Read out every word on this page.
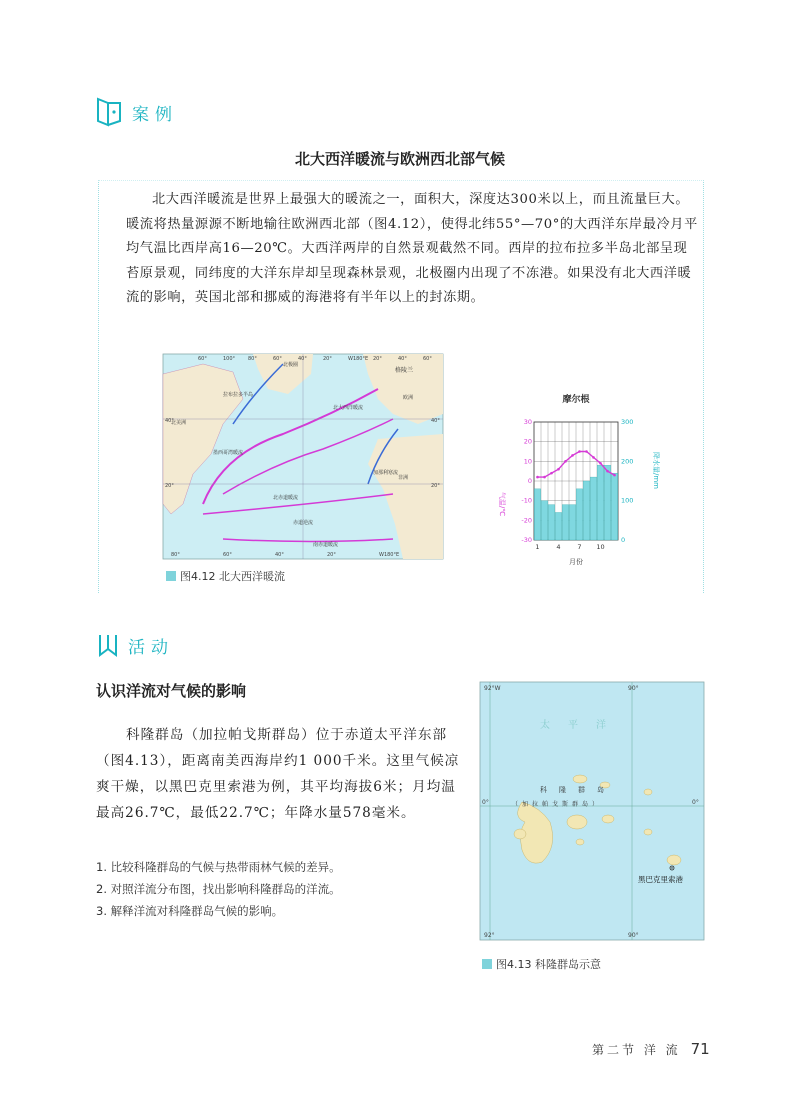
案例
北大西洋暖流与欧洲西北部气候
北大西洋暖流是世界上最强大的暖流之一，面积大，深度达300米以上，而且流量巨大。暖流将热量源源不断地输往欧洲西北部（图4.12），使得北纬55°—70°的大西洋东岸最冷月平均气温比西岸高16—20℃。大西洋两岸的自然景观截然不同。西岸的拉布拉多半岛北部呈现苔原景观，同纬度的大洋东岸却呈现森林景观，北极圈内出现了不冻港。如果没有北大西洋暖流的影响，英国北部和挪威的海港将有半年以上的封冻期。
北极圈
格陵兰
拉布拉多半岛
北大西洋暖流
墨西哥湾暖流
加那利寒流
北赤道暖流
赤道逆流
南赤道暖流
北美洲
非洲
欧洲
60°	100°	80°	60°	40°	20°	W180°E 20°	40°	60°
80°	60°	40°	20°	W180°E
40°
20°
40°
20°
图4.12 北大西洋暖流
摩尔根
30
20
10
0
-10
-20
-30
300
200
100
0
1	4	7 10
月份
气温/℃
降水量/mm
活动
认识洋流对气候的影响
科隆群岛（加拉帕戈斯群岛）位于赤道太平洋东部（图4.13），距离南美西海岸约1 000千米。这里气候凉爽干燥，以黑巴克里索港为例，其平均海拔6米；月均温最高26.7℃，最低22.7℃；年降水量578毫米。
1. 比较科隆群岛的气候与热带雨林气候的差异。
2. 对照洋流分布图，找出影响科隆群岛的洋流。
3. 解释洋流对科隆群岛气候的影响。
92°W	90°
92°	90°
0°	0°
太平洋
科隆群岛
（加拉帕戈斯群岛）
黑巴克里索港
图4.13 科隆群岛示意
第二节 洋 流 71
